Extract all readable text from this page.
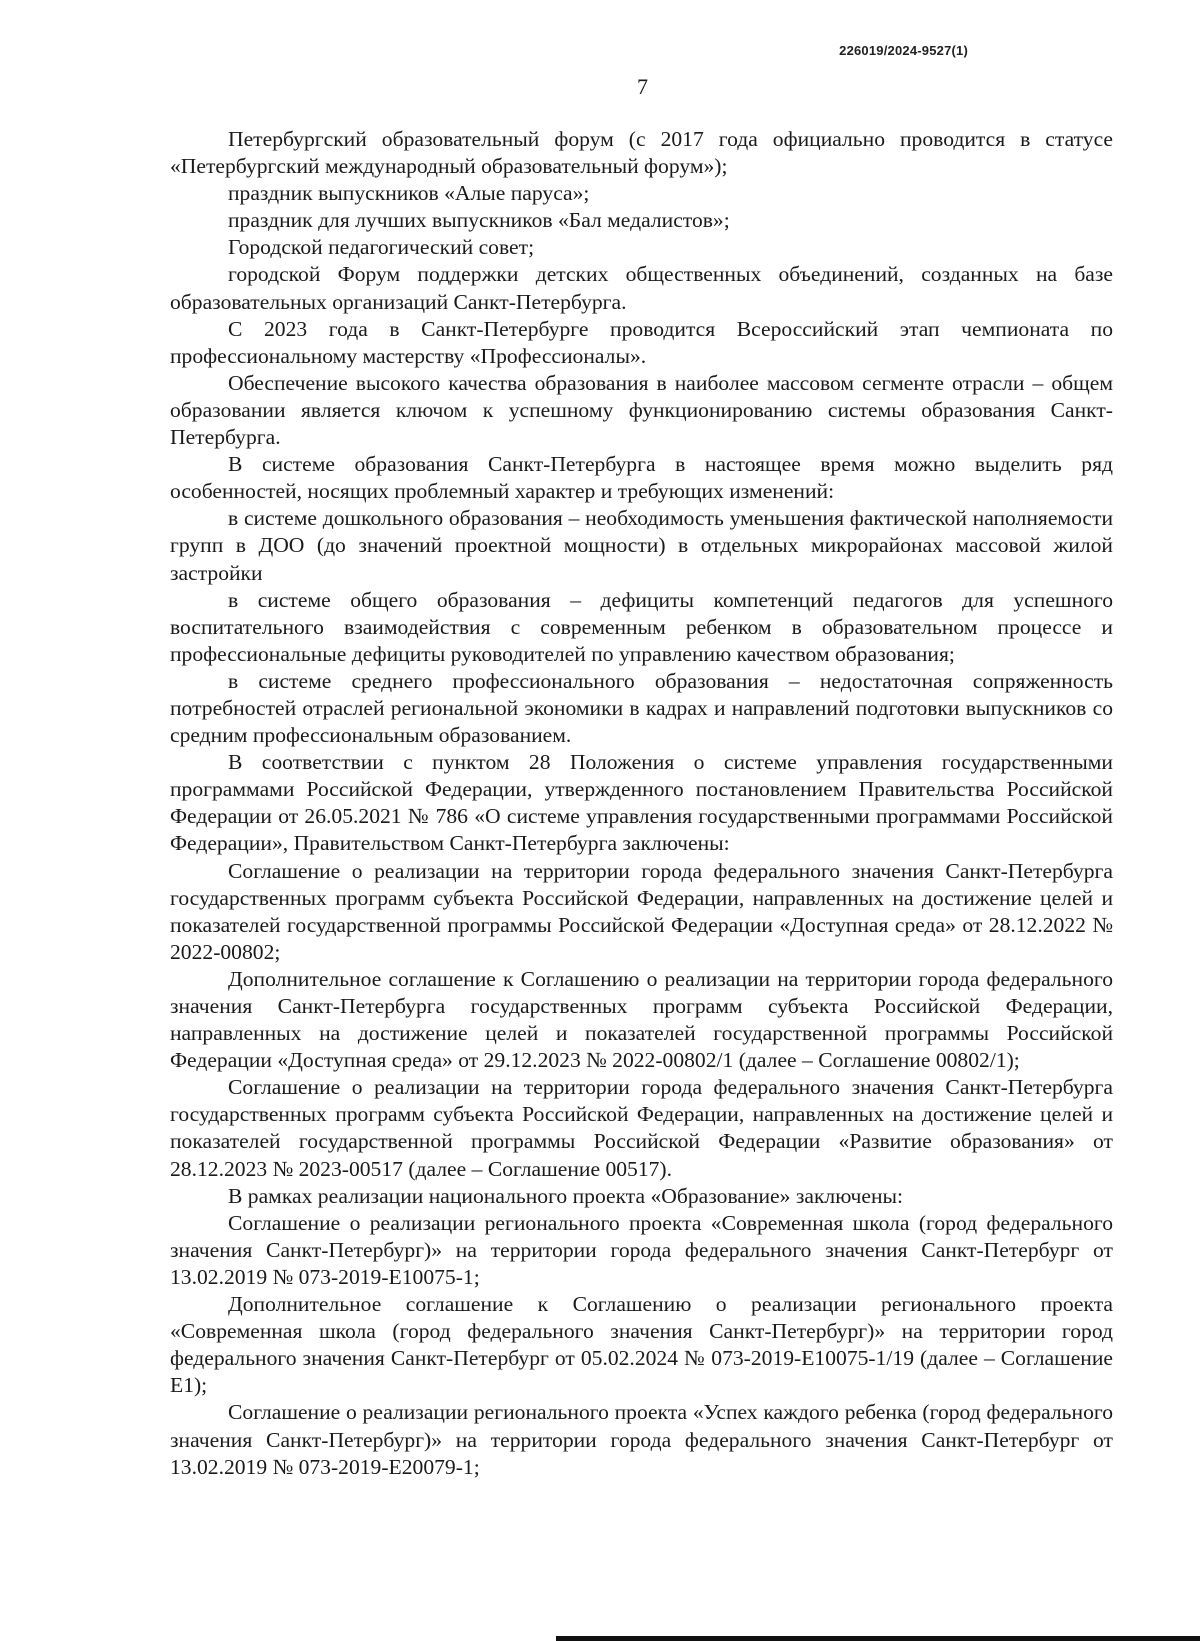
226019/2024-9527(1)
7

Петербургский образовательный форум (с 2017 года официально проводится в статусе «Петербургский международный образовательный форум»);

праздник выпускников «Алые паруса»;

праздник для лучших выпускников «Бал медалистов»;

Городской педагогический совет;

городской Форум поддержки детских общественных объединений, созданных на базе образовательных организаций Санкт-Петербурга.

С 2023 года в Санкт-Петербурге проводится Всероссийский этап чемпионата по профессиональному мастерству «Профессионалы».

Обеспечение высокого качества образования в наиболее массовом сегменте отрасли – общем образовании является ключом к успешному функционированию системы образования Санкт-Петербурга.

В системе образования Санкт-Петербурга в настоящее время можно выделить ряд особенностей, носящих проблемный характер и требующих изменений:

в системе дошкольного образования – необходимость уменьшения фактической наполняемости групп в ДОО (до значений проектной мощности) в отдельных микрорайонах массовой жилой застройки

в системе общего образования – дефициты компетенций педагогов для успешного воспитательного взаимодействия с современным ребенком в образовательном процессе и профессиональные дефициты руководителей по управлению качеством образования;

в системе среднего профессионального образования – недостаточная сопряженность потребностей отраслей региональной экономики в кадрах и направлений подготовки выпускников со средним профессиональным образованием.

В соответствии с пунктом 28 Положения о системе управления государственными программами Российской Федерации, утвержденного постановлением Правительства Российской Федерации от 26.05.2021 № 786 «О системе управления государственными программами Российской Федерации», Правительством Санкт-Петербурга заключены:

Соглашение о реализации на территории города федерального значения Санкт-Петербурга государственных программ субъекта Российской Федерации, направленных на достижение целей и показателей государственной программы Российской Федерации «Доступная среда» от 28.12.2022 № 2022-00802;

Дополнительное соглашение к Соглашению о реализации на территории города федерального значения Санкт-Петербурга государственных программ субъекта Российской Федерации, направленных на достижение целей и показателей государственной программы Российской Федерации «Доступная среда» от 29.12.2023 № 2022-00802/1 (далее – Соглашение 00802/1);

Соглашение о реализации на территории города федерального значения Санкт-Петербурга государственных программ субъекта Российской Федерации, направленных на достижение целей и показателей государственной программы Российской Федерации «Развитие образования» от 28.12.2023 № 2023-00517 (далее – Соглашение 00517).

В рамках реализации национального проекта «Образование» заключены:

Соглашение о реализации регионального проекта «Современная школа (город федерального значения Санкт-Петербург)» на территории города федерального значения Санкт-Петербург от 13.02.2019 № 073-2019-Е10075-1;

Дополнительное соглашение к Соглашению о реализации регионального проекта «Современная школа (город федерального значения Санкт-Петербург)» на территории город федерального значения Санкт-Петербург от 05.02.2024 № 073-2019-Е10075-1/19 (далее – Соглашение Е1);

Соглашение о реализации регионального проекта «Успех каждого ребенка (город федерального значения Санкт-Петербург)» на территории города федерального значения Санкт-Петербург от 13.02.2019 № 073-2019-Е20079-1;
